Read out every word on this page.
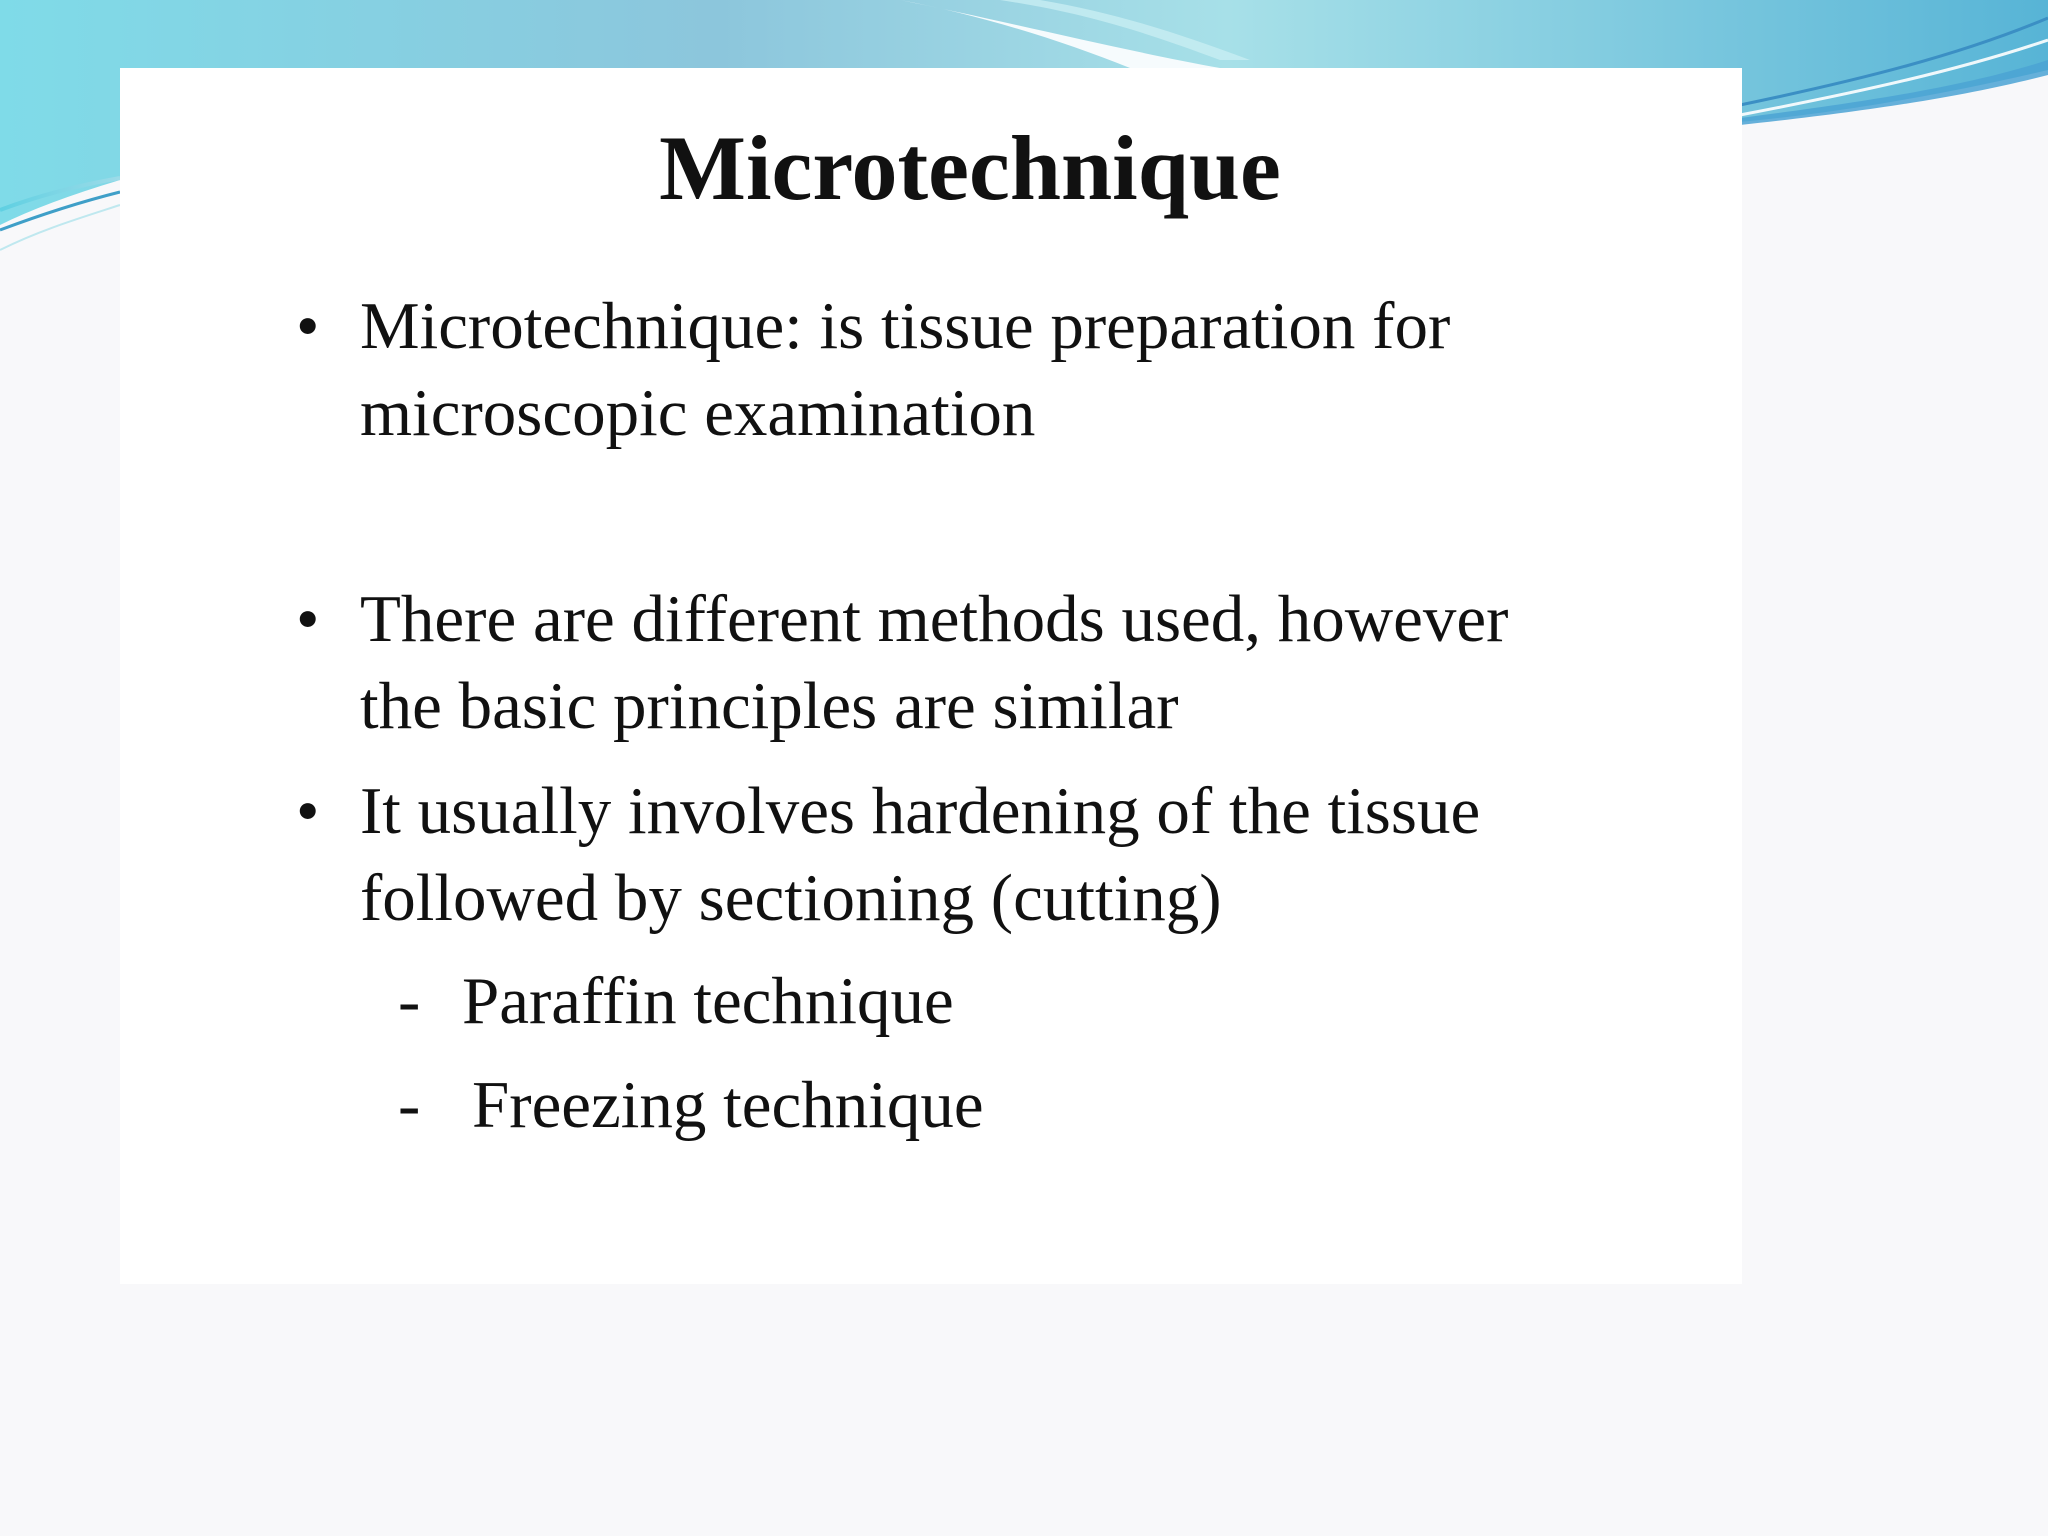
Microtechnique
• Microtechnique: is tissue preparation for
microscopic examination
• There are different methods used, however
the basic principles are similar
• It usually involves hardening of the tissue
followed by sectioning (cutting)
- Paraffin technique
- Freezing technique
